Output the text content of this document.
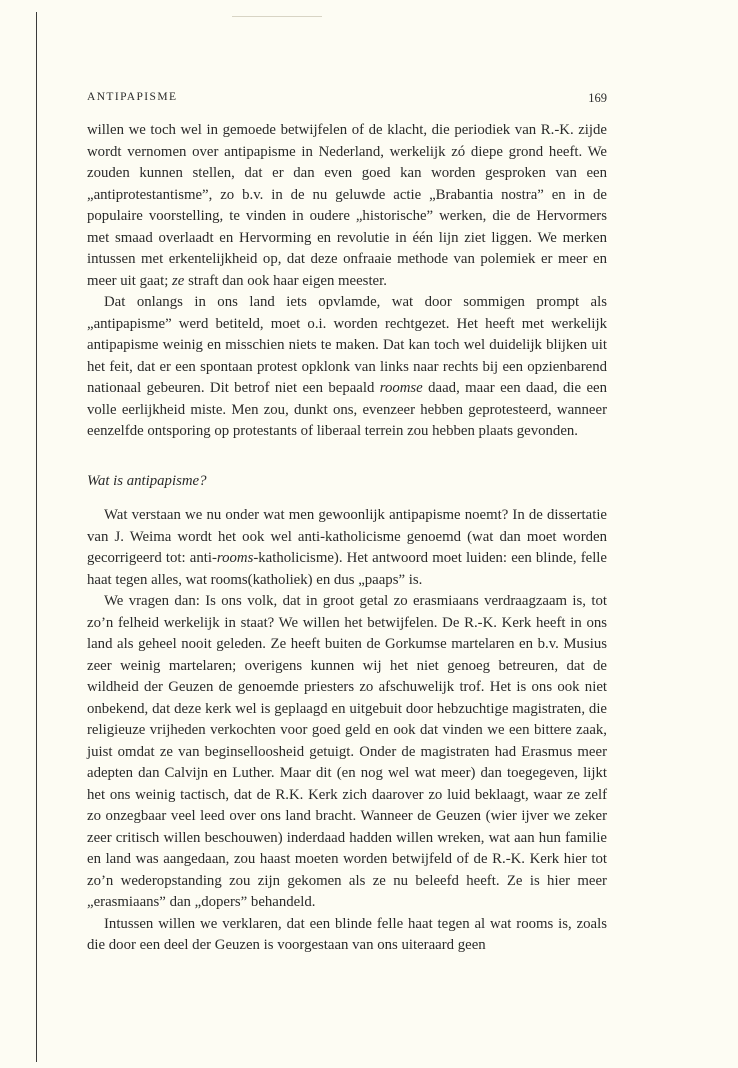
ANTIPAPISME	169

willen we toch wel in gemoede betwijfelen of de klacht, die periodiek van R.-K. zijde wordt vernomen over antipapisme in Nederland, werkelijk zó diepe grond heeft. We zouden kunnen stellen, dat er dan even goed kan worden gesproken van een „antiprotestantisme”, zo b.v. in de nu geluwde actie „Brabantia nostra” en in de populaire voorstelling, te vinden in oudere „historische” werken, die de Hervormers met smaad overlaadt en Hervorming en revolutie in één lijn ziet liggen. We merken intussen met erkentelijkheid op, dat deze onfraaie methode van polemiek er meer en meer uit gaat; ze straft dan ook haar eigen meester.

Dat onlangs in ons land iets opvlamde, wat door sommigen prompt als „antipapisme” werd betiteld, moet o.i. worden rechtgezet. Het heeft met werkelijk antipapisme weinig en misschien niets te maken. Dat kan toch wel duidelijk blijken uit het feit, dat er een spontaan protest opklonk van links naar rechts bij een opzienbarend nationaal gebeuren. Dit betrof niet een bepaald roomse daad, maar een daad, die een volle eerlijkheid miste. Men zou, dunkt ons, evenzeer hebben geprotesteerd, wanneer eenzelfde ontsporing op protestants of liberaal terrein zou hebben plaats gevonden.

Wat is antipapisme?

Wat verstaan we nu onder wat men gewoonlijk antipapisme noemt? In de dissertatie van J. Weima wordt het ook wel anti-katholicisme genoemd (wat dan moet worden gecorrigeerd tot: anti-rooms-katholicisme). Het antwoord moet luiden: een blinde, felle haat tegen alles, wat rooms(katholiek) en dus „paaps” is.

We vragen dan: Is ons volk, dat in groot getal zo erasmiaans verdraagzaam is, tot zo’n felheid werkelijk in staat? We willen het betwijfelen. De R.-K. Kerk heeft in ons land als geheel nooit geleden. Ze heeft buiten de Gorkumse martelaren en b.v. Musius zeer weinig martelaren; overigens kunnen wij het niet genoeg betreuren, dat de wildheid der Geuzen de genoemde priesters zo afschuwelijk trof. Het is ons ook niet onbekend, dat deze kerk wel is geplaagd en uitgebuit door hebzuchtige magistraten, die religieuze vrijheden verkochten voor goed geld en ook dat vinden we een bittere zaak, juist omdat ze van beginselloosheid getuigt. Onder de magistraten had Erasmus meer adepten dan Calvijn en Luther. Maar dit (en nog wel wat meer) dan toegegeven, lijkt het ons weinig tactisch, dat de R.K. Kerk zich daarover zo luid beklaagt, waar ze zelf zo onzegbaar veel leed over ons land bracht. Wanneer de Geuzen (wier ijver we zeker zeer critisch willen beschouwen) inderdaad hadden willen wreken, wat aan hun familie en land was aangedaan, zou haast moeten worden betwijfeld of de R.-K. Kerk hier tot zo’n wederopstanding zou zijn gekomen als ze nu beleefd heeft. Ze is hier meer „erasmiaans” dan „dopers” behandeld.

Intussen willen we verklaren, dat een blinde felle haat tegen al wat rooms is, zoals die door een deel der Geuzen is voorgestaan van ons uiteraard geen
